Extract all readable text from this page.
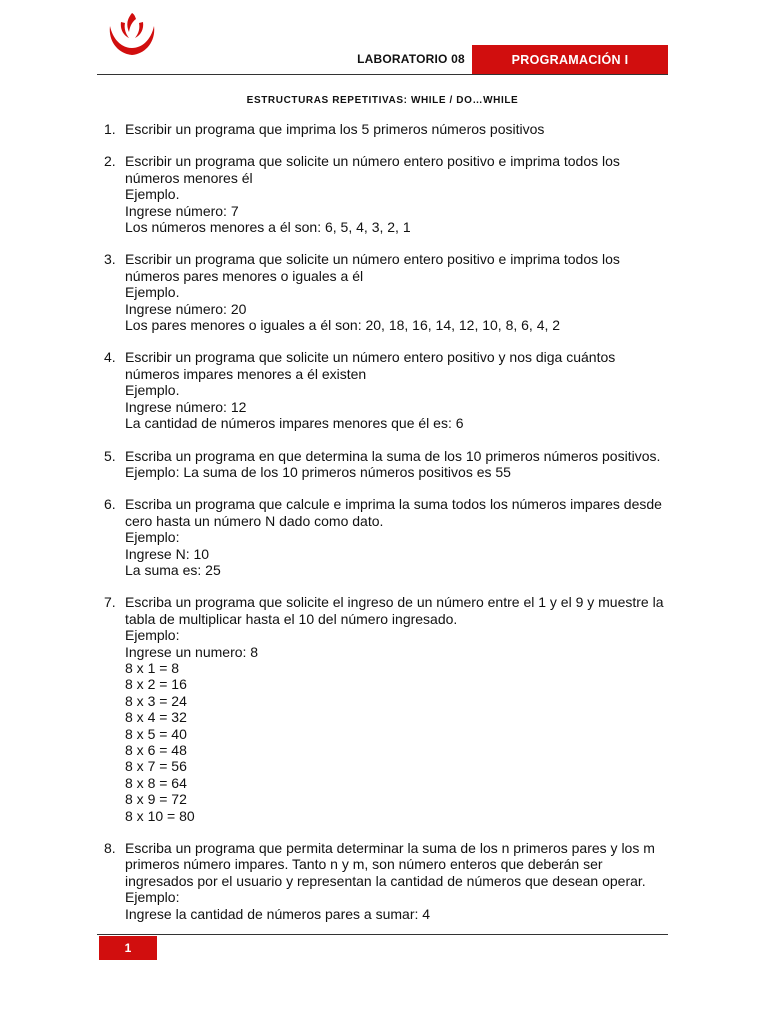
LABORATORIO 08	PROGRAMACIÓN I
ESTRUCTURAS REPETITIVAS: WHILE / DO…WHILE
1. Escribir un programa que imprima los 5 primeros números positivos
2. Escribir un programa que solicite un número entero positivo e imprima todos los
números menores él
Ejemplo.
Ingrese número: 7
Los números menores a él son: 6, 5, 4, 3, 2, 1
3. Escribir un programa que solicite un número entero positivo e imprima todos los
números pares menores o iguales a él
Ejemplo.
Ingrese número: 20
Los pares menores o iguales a él son: 20, 18, 16, 14, 12, 10, 8, 6, 4, 2
4. Escribir un programa que solicite un número entero positivo y nos diga cuántos
números impares menores a él existen
Ejemplo.
Ingrese número: 12
La cantidad de números impares menores que él es: 6
5. Escriba un programa en que determina la suma de los 10 primeros números positivos.
Ejemplo: La suma de los 10 primeros números positivos es 55
6. Escriba un programa que calcule e imprima la suma todos los números impares desde
cero hasta un número N dado como dato.
Ejemplo:
Ingrese N: 10
La suma es: 25
7. Escriba un programa que solicite el ingreso de un número entre el 1 y el 9 y muestre la
tabla de multiplicar hasta el 10 del número ingresado.
Ejemplo:
Ingrese un numero: 8
8 x 1 = 8
8 x 2 = 16
8 x 3 = 24
8 x 4 = 32
8 x 5 = 40
8 x 6 = 48
8 x 7 = 56
8 x 8 = 64
8 x 9 = 72
8 x 10 = 80
8. Escriba un programa que permita determinar la suma de los n primeros pares y los m
primeros número impares. Tanto n y m, son número enteros que deberán ser
ingresados por el usuario y representan la cantidad de números que desean operar.
Ejemplo:
Ingrese la cantidad de números pares a sumar: 4
1
